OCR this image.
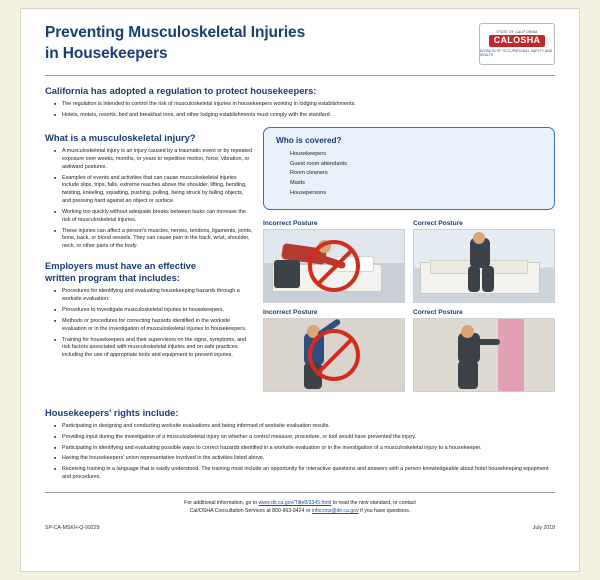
Preventing Musculoskeletal Injuries
in Housekeepers
STATE OF CALIFORNIA
CALOSHA
DIVISION OF OCCUPATIONAL SAFETY AND HEALTH
California has adopted a regulation to protect housekeepers:
■ The regulation is intended to control the risk of musculoskeletal injuries in housekeepers working in lodging establishments.
■ Hotels, motels, resorts, bed and breakfast inns, and other lodging establishments must comply with the standard.
What is a musculoskeletal injury?
■ A musculoskeletal injury is an injury caused by a traumatic event or by repeated exposure over weeks, months, or years to repetitive motion, force, vibration, or awkward postures.
■ Examples of events and activities that can cause musculoskeletal injuries include slips, trips, falls, extreme reaches above the shoulder, lifting, bending, twisting, kneeling, squatting, pushing, pulling, being struck by falling objects, and pressing hard against an object or surface.
■ Working too quickly without adequate breaks between tasks can increase the risk of musculoskeletal injuries.
■ These injuries can affect a person's muscles, nerves, tendons, ligaments, joints, bone, back, or blood vessels. They can cause pain in the back, wrist, shoulder, neck, or other parts of the body.
Employers must have an effective
written program that includes:
■ Procedures for identifying and evaluating housekeeping hazards through a worksite evaluation.
■ Procedures to investigate musculoskeletal injuries to housekeepers.
■ Methods or procedures for correcting hazards identified in the worksite evaluation or in the investigation of musculoskeletal injuries to housekeepers.
■ Training for housekeepers and their supervisors on the signs, symptoms, and risk factors associated with musculoskeletal injuries and on safe practices including the use of appropriate tools and equipment to prevent injuries.
Who is covered?
Housekeepers
Guest room attendants
Room cleaners
Maids
Housepersons
Incorrect Posture	Correct Posture
Incorrect Posture	Correct Posture
Housekeepers' rights include:
■ Participating in designing and conducting worksite evaluations and being informed of worksite evaluation results.
■ Providing input during the investigation of a musculoskeletal injury on whether a control measure, procedure, or tool would have prevented the injury.
■ Participating in identifying and evaluating possible ways to correct hazards identified in a worksite evaluation or in the investigation of a musculoskeletal injury to a housekeeper.
■ Having the housekeepers' union representative involved in the activities listed above.
■ Receiving training in a language that is easily understood. The training must include an opportunity for interactive questions and answers with a person knowledgeable about hotel housekeeping equipment and procedures.
For additional information, go to www.dir.ca.gov/Title8/3345.html to read the new standard, or contact
Cal/OSHA Consultation Services at 800-963-9424 or infocons@dir.ca.gov if you have questions.
SP-CA-MSKH-Q-99229	July 2018
